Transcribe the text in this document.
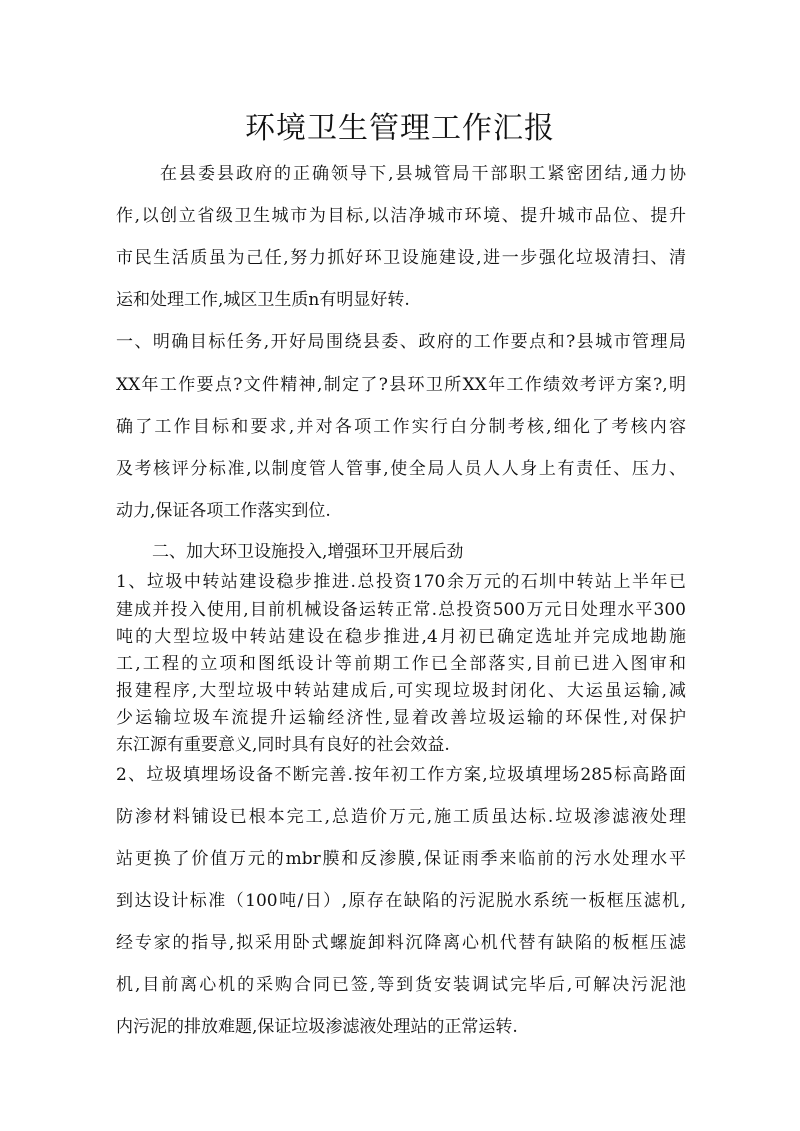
环境卫生管理工作汇报

在县委县政府的正确领导下,县城管局干部职工紧密团结,通力协

作,以创立省级卫生城市为目标,以洁净城市环境、提升城市品位、提升

市民生活质虽为己任,努力抓好环卫设施建设,进一步强化垃圾清扫、清

运和处理工作,城区卫生质n有明显好转.

一、明确目标任务,开好局围绕县委、政府的工作要点和?县城市管理局

XX年工作要点?文件精神,制定了?县环卫所XX年工作绩效考评方案?,明

确了工作目标和要求,并对各项工作实行白分制考核,细化了考核内容

及考核评分标准,以制度管人管事,使全局人员人人身上有责任、压力、

动力,保证各项工作落实到位.

二、加大环卫设施投入,增强环卫开展后劲

1、垃圾中转站建设稳步推进.总投资170余万元的石圳中转站上半年已

建成并投入使用,目前机械设备运转正常.总投资500万元日处理水平300

吨的大型垃圾中转站建设在稳步推进,4月初已确定选址并完成地勘施

工,工程的立项和图纸设计等前期工作已全部落实,目前已进入图审和

报建程序,大型垃圾中转站建成后,可实现垃圾封闭化、大运虽运输,减

少运输垃圾车流提升运输经济性,显着改善垃圾运输的环保性,对保护

东江源有重要意义,同时具有良好的社会效益.

2、垃圾填埋场设备不断完善.按年初工作方案,垃圾填埋场285标高路面

防渗材料铺设已根本完工,总造价万元,施工质虽达标.垃圾渗滤液处理

站更换了价值万元的mbr膜和反渗膜,保证雨季来临前的污水处理水平

到达设计标准（100吨/日）,原存在缺陷的污泥脱水系统一板框压滤机,

经专家的指导,拟采用卧式螺旋卸料沉降离心机代替有缺陷的板框压滤

机,目前离心机的采购合同已签,等到货安装调试完毕后,可解决污泥池

内污泥的排放难题,保证垃圾渗滤液处理站的正常运转.
